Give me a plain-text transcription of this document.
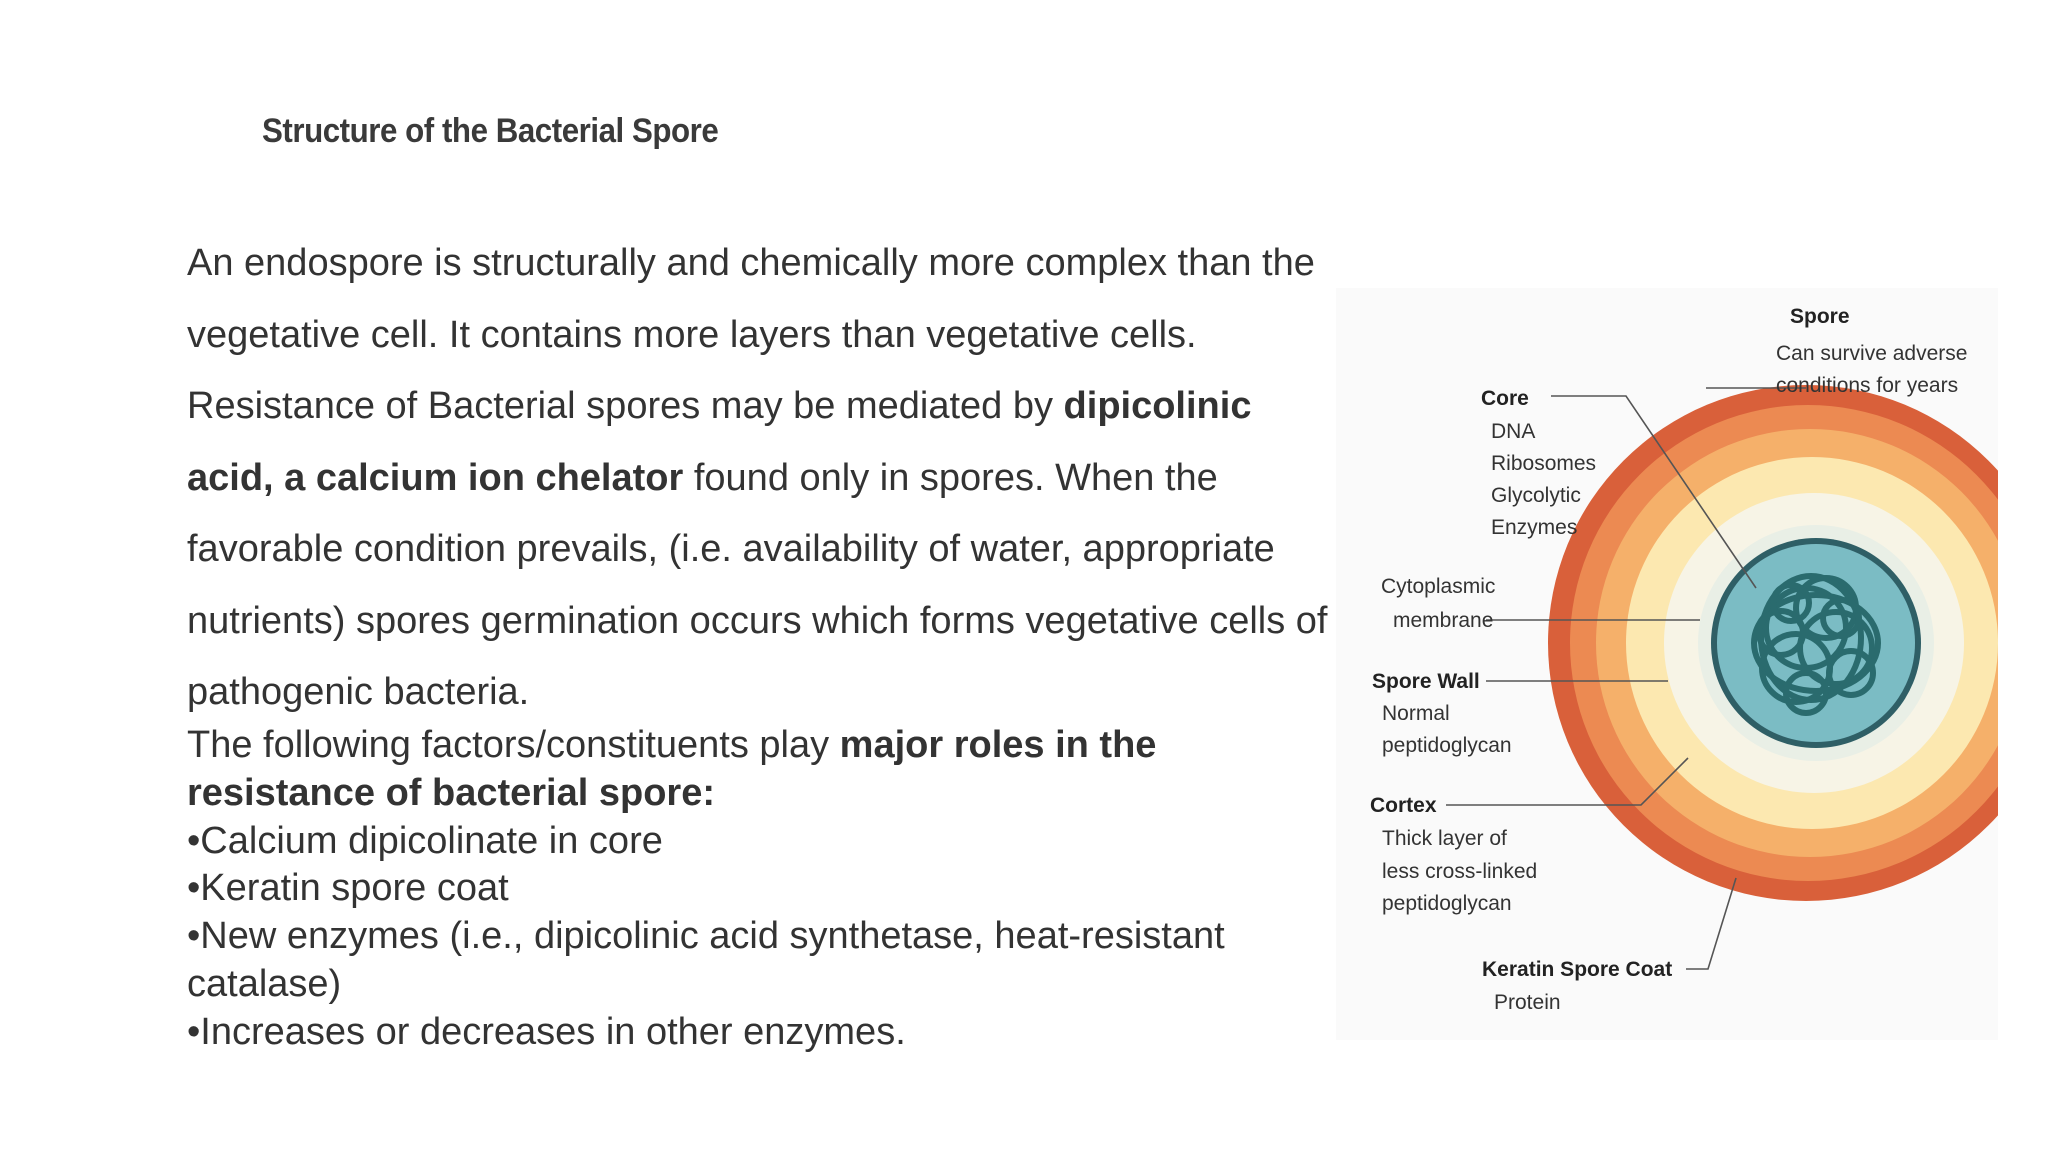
Structure of the Bacterial Spore
An endospore is structurally and chemically more complex than the vegetative cell. It contains more layers than vegetative cells. Resistance of Bacterial spores may be mediated by dipicolinic acid, a calcium ion chelator found only in spores. When the favorable condition prevails, (i.e. availability of water, appropriate nutrients) spores germination occurs which forms vegetative cells of pathogenic bacteria.

The following factors/constituents play major roles in the resistance of bacterial spore:

•Calcium dipicolinate in core
•Keratin spore coat
•New enzymes (i.e., dipicolinic acid synthetase, heat-resistant catalase)
•Increases or decreases in other enzymes.
Spore
Can survive adverse
conditions for years
Core
DNA
Ribosomes
Glycolytic
Enzymes
Cytoplasmic
membrane
Spore Wall
Normal
peptidoglycan
Cortex
Thick layer of
less cross-linked
peptidoglycan
Keratin Spore Coat
Protein
